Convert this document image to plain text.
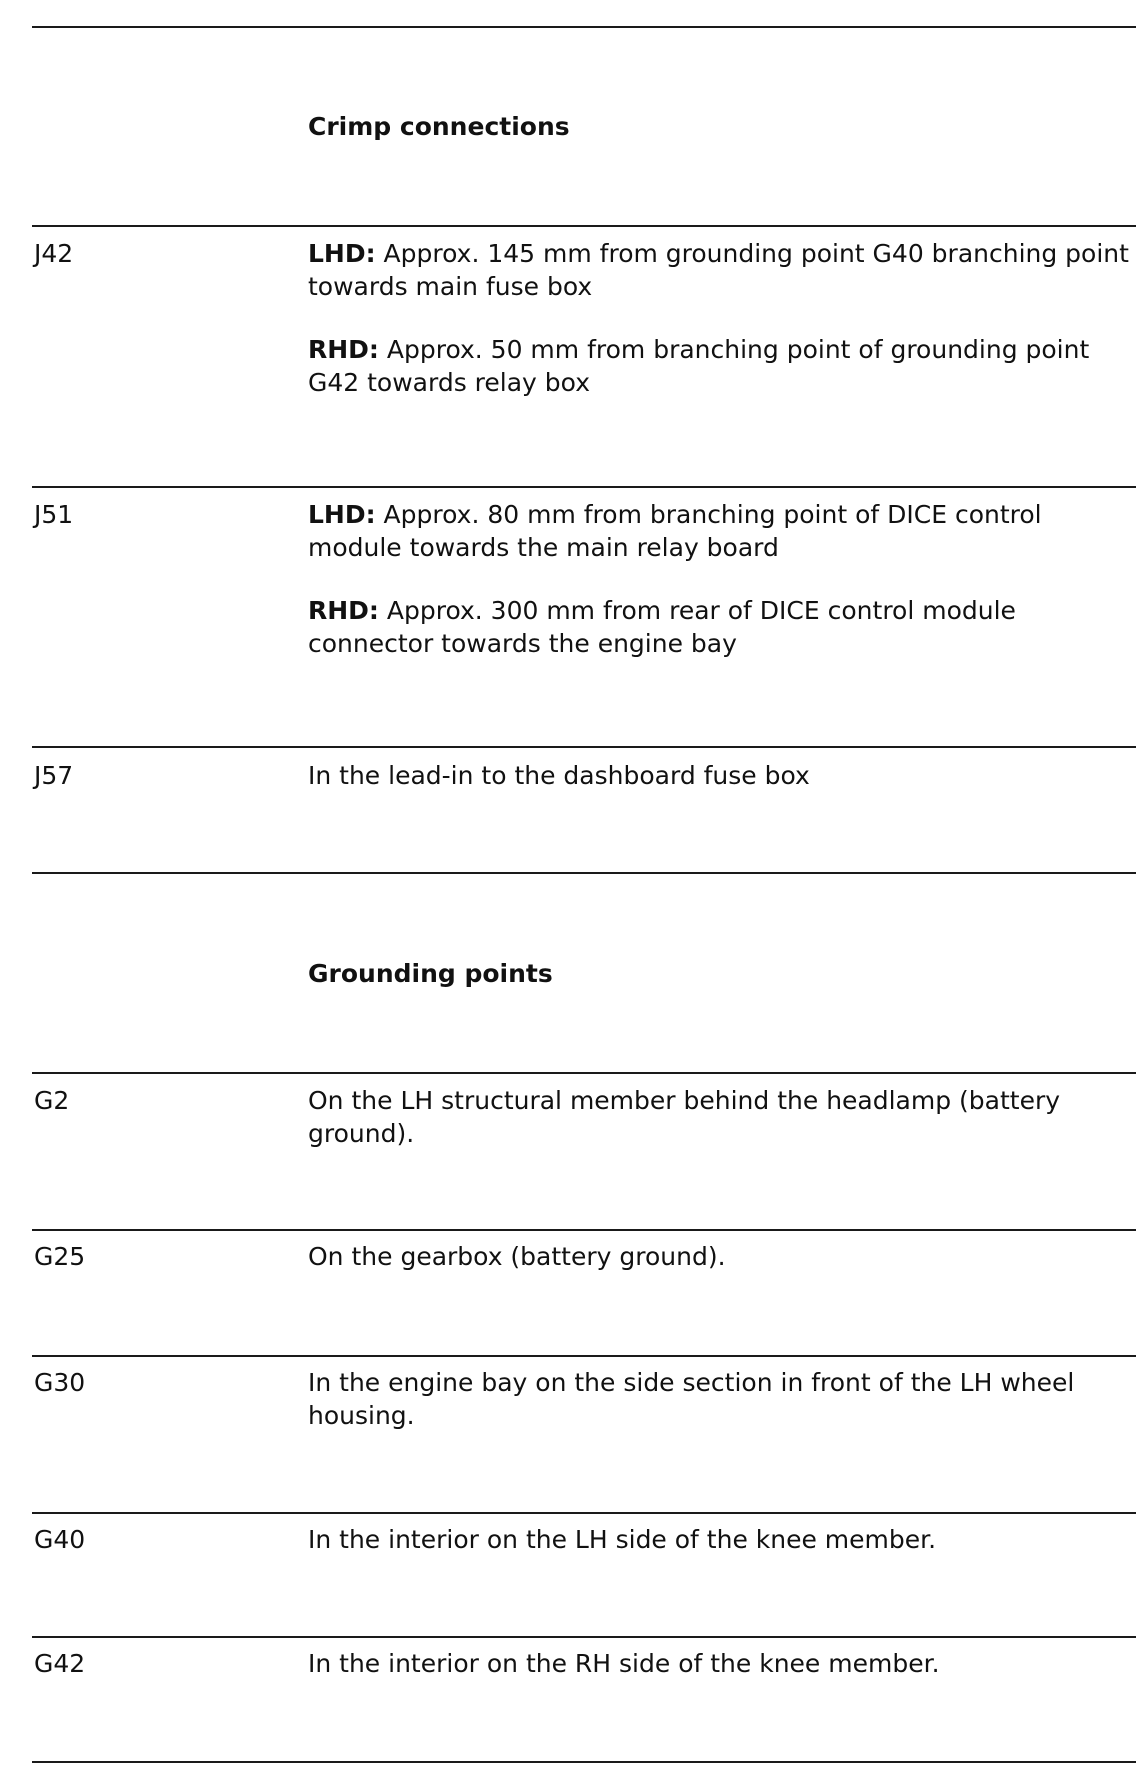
Crimp connections
J42	LHD: Approx. 145 mm from grounding point G40 branching point towards main fuse box

RHD: Approx. 50 mm from branching point of grounding point G42 towards relay box

J51	LHD: Approx. 80 mm from branching point of DICE control module towards the main relay board

RHD: Approx. 300 mm from rear of DICE control module connector towards the engine bay

J57	In the lead-in to the dashboard fuse box
Grounding points
G2	On the LH structural member behind the headlamp (battery ground).
G25	On the gearbox (battery ground).
G30	In the engine bay on the side section in front of the LH wheel housing.
G40	In the interior on the LH side of the knee member.
G42	In the interior on the RH side of the knee member.
